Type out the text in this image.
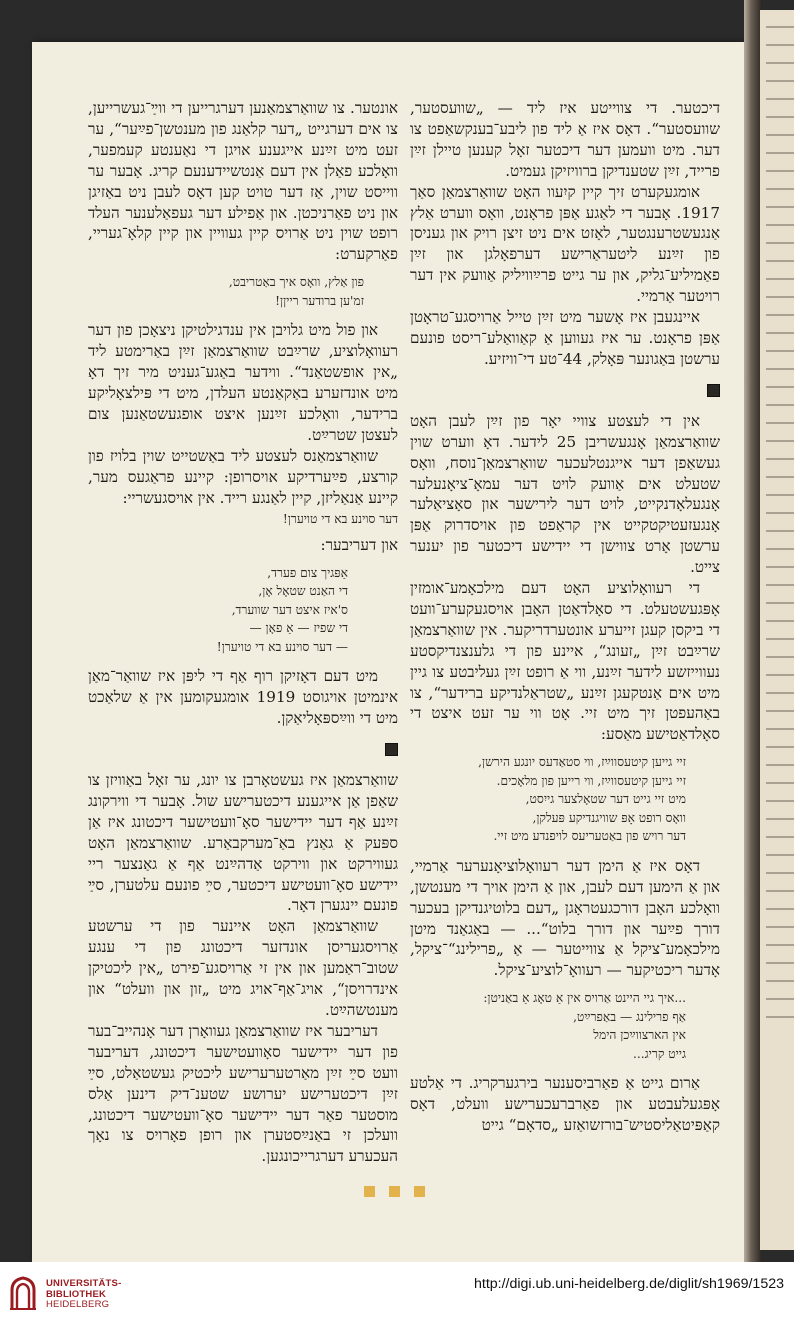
דיכטער. די צווייטע איז ליד — „שוועסטער, שוועסטער“. דאָס איז אַ ליד פון ליבע־בענקשאַפט צו דער. מיט וועמען דער דיכטער זאָל קענען טיילן זײַן פרייד, זײַן שטענדיקן ברוויזיקן געמיט.

אומגעקערט זיך קיין קיִעוו האָט שוואַרצמאַן סאַך 1917. אָבער די לאַגע אַפּן פראָנט, וואָס ווערט אַלץ אַנגעשטרענגטער, לאָזט אים ניט זיצן רויק און געניסן פון זײַנע ליטעראַרישע דערפאָלגן און זײַן פאַמיליע־גליק, און ער גייט פרײַוויליק אַוועק אין דער רויטער אַרמיי.

איינגעבן איז אָשער מיט זײַן טייל אַרויסגע־טראָטן אַפּן פראָנט. ער איז געווען אַ קאַוואַלע־ריסט פונעם ערשטן בּאַגונער פּאָלק, 44־טע די־וויזיע.

אין די לעצטע צוויי יאָר פון זײַן לעבן האָט שוואַרצמאַן אָנגעשריבן 25 לידער. דאָ ווערט שוין געשאַפן דער אייגנטלעכער שוואַרצמאַן־נוסח, וואָס שטעלט אים אַוועק לויט דער עמאָ־ציאָנעלער אָנגעלאָדנקייט, לויט דער לירישער און סאָציאַלער אָנגעזעטיקטקייט אין קראַפט פון אויסדרוק אַפּן ערשטן אָרט צווישן די יידישע דיכטער פון יענער צייט.

די רעוואָלוציע האָט דעם מילכאָמע־אומזין אָפּגעשטעלט. די סאָלדאַטן האָבן אויסגעקערע־וועט די ביקסן קעגן זייערע אונטערדריקער. אין שוואַרצמאַן שרײַבט זײַן „זעונג“, איינע פון די גלענצנדיקסטע נעווייזשע לידער זײַנע, ווי אַ רופט זײַן געליבטע צו גיין מיט אים אַנטקעגן זײַנע „שטראַלנדיקע ברידער“, צו באַהעפטן זיך מיט זיי. אָט ווי ער זעט איצט די סאָלדאַטישע מאַסע:

זיי גייען קיטעסווײַז, ווי סטאַדעס יונגע הירשן,
זיי גייען קיטעסווײַז, ווי רייען פון מלאָכים.
מיט זיי גייט דער שטאָלצער גייִסט,
וואָס רופט אָפּ שוויגנדיקע פּעלקן,
דער רויש פון באַטעריעס לויפנדע מיט זיי.

דאָס איז אַ הימן דער רעוואָלוציאָנערער אַרמיי, און אַ הימען דעם לעבן, און אַ הימן אויך די מענטשן, וואָלכע האָבן דורכגעטראָגן „דעם בלוטיגנדיקן בעכער דורך פײַער און דורך בלוט“... — באַגאַנד מיטן מילכאָמע־ציקל אַ צווייטער — אַ „פרילינג“־ציקל, אָדער ריכטיקער — רעוואָ־לוציע־ציקל.

...איך גיי היינט אַרויס אין אַ טאָג אַ באַניטן:
אַף פרילינג — באַפרײַט,
אין הארצווײַכן הימל
גייט קריג...

אַרום גייט אַ פאַרביסענער בירגערקריג. די אַלטע אָפּגעלעבטע און פאַרברעכערישע וועלט, דאָס קאַפּיטאַליסטיש־בורזשואַזע „סדאָם“ גייט

אונטער. צו שוואַרצמאַנען דערגרייען די ווײַ־געשרייען, צו אים דערגייט „דער קלאַנג פון מענטשן־פײַער“, ער זעט מיט זײַנע אייגענע אויגן די נאַענטע קעמפער, וואָלכע פאַלן אין דעם אַנטשיידענעם קריג. אָבער ער ווייסט שוין, אַז דער טויט קען דאָס לעבן ניט באַזיגן און ניט פאַרניכטן. און אַפילע דער געפאַלענער העלד רופט שוין ניט אַרויס קיין געוויין און קיין קלאָ־געריי, פאַרקערט:

פון אַלץ, וואָס איך באַטריבט,
זמ'ען ברודער רייןן!

און פול מיט גלויבן אין ענדגילטיקן ניצאָכן פון דער רעוואָלוציע, שרײַבט שוואַרצמאַן זײַן באַרימטע ליד „אין אופשטאַנד“. ווידער באַגע־געניט מיר זיך דאָ מיט אונדזערע באַקאַנטע העלדן, מיט די פּילצאָליקע ברידער, וואָלכע זײַנען איצט אופגעשטאַנען צום לעצטן שטרײַט.

שוואַרצמאַנס לעצטע ליד באַשטייט שוין בלויז פון קורצע, פײַערדיקע אויסרופן: קיינע פראַגעס מער, קיינע אַנאַליזן, קיין לאַנגע רייד. אין אויסגעשריי:

דער סוינע בא די טויערן!
און דעריבער:
אַפּגיך צום פערד,
די האַנט שטאָל אָן,
ס'איז איצט דער שווערד,
די שפיז — אַ פאָן —
— דער סוינע בא די טויערן!

מיט דעם דאָזיקן רוף אַף די ליפּן איז שוואַר־מאַן אינמיטן אויגוסט 1919 אומגעקומען אין אַ שלאַכט מיט די ווײַספּאָליאַקן.

שוואַרצמאַן איז געשטאָרבן צו יונג, ער זאָל באַוויזן צו שאַפן אַן אייגענע דיכטערישע שול. אָבער די ווירקונג זײַנע אַף דער יידישער סאָ־וועטישער דיכטונג איז אַן ספּעק אַ גאַנץ באַ־מערקבאַרע. שוואַרצמאַן האָט געווירקט און ווירקט אַדהײַנט אַף אַ גאַנצער ריי יידישע סאָ־וועטישע דיכטער, סײַ פונעם עלטערן, סײַ פונעם יינגערן דאָר.

שוואַרצמאַן האָט איינער פון די ערשטע אַרויסגעריסן אונדזער דיכטונג פון די ענגע שטוב־ראַמען און אין זי אַרויסגע־פירט „אין ליכטיקן אינדרויסן“, אויג־אַף־אויג מיט „זון און וועלט“ און מענטשהײַט.

דעריבער איז שוואַרצמאַן געוואָרן דער אָנהייב־בער פון דער יידישער סאָוועטישער דיכטונג, דעריבער וועט סײַ זײַן מאַרטערערישע ליכטיק געשטאַלט, סײַ זײַן דיכטערישע יערושע שטענ־דיק דינען אַלס מוסטער פאַר דער יידישער סאָ־וועטישער דיכטונג, וועלכן זי באַנײַסטערן און רופן פאָרויס צו נאָך העכערע דערגרייכונגען.

UNIVERSITÄTS-
BIBLIOTHEK
HEIDELBERG
http://digi.ub.uni-heidelberg.de/diglit/sh1969/1523
